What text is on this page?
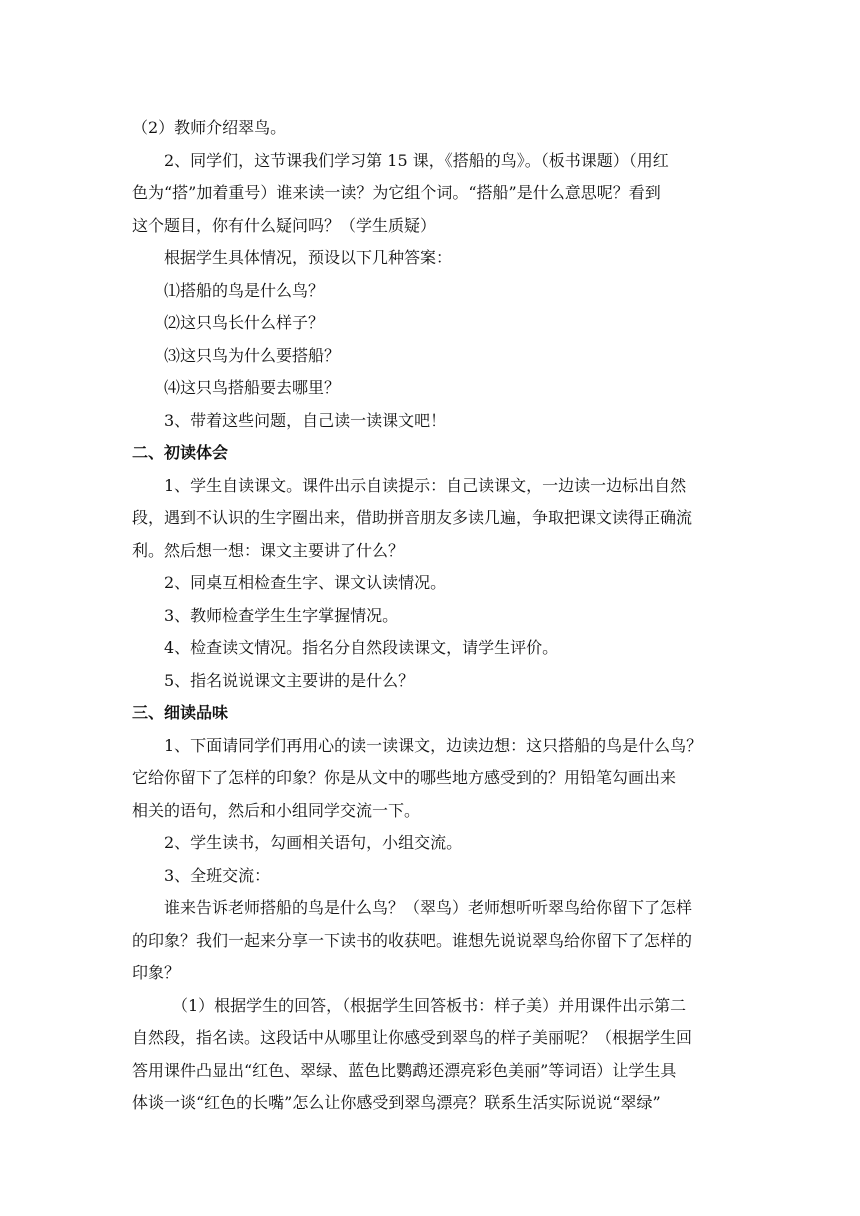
（2）教师介绍翠鸟。
2、同学们，这节课我们学习第 15 课，《搭船的鸟》。（板书课题）（用红
色为“搭”加着重号）谁来读一读？为它组个词。“搭船”是什么意思呢？看到
这个题目，你有什么疑问吗？（学生质疑）
根据学生具体情况，预设以下几种答案：
⑴搭船的鸟是什么鸟？
⑵这只鸟长什么样子？
⑶这只鸟为什么要搭船？
⑷这只鸟搭船要去哪里？
3、带着这些问题，自己读一读课文吧！
二、初读体会
1、学生自读课文。课件出示自读提示：自己读课文，一边读一边标出自然
段，遇到不认识的生字圈出来，借助拼音朋友多读几遍，争取把课文读得正确流
利。然后想一想：课文主要讲了什么？
2、同桌互相检查生字、课文认读情况。
3、教师检查学生生字掌握情况。
4、检查读文情况。指名分自然段读课文，请学生评价。
5、指名说说课文主要讲的是什么？
三、细读品味
1、下面请同学们再用心的读一读课文，边读边想：这只搭船的鸟是什么鸟？
它给你留下了怎样的印象？你是从文中的哪些地方感受到的？用铅笔勾画出来
相关的语句，然后和小组同学交流一下。
2、学生读书，勾画相关语句，小组交流。
3、全班交流：
谁来告诉老师搭船的鸟是什么鸟？（翠鸟）老师想听听翠鸟给你留下了怎样
的印象？我们一起来分享一下读书的收获吧。谁想先说说翠鸟给你留下了怎样的
印象？
（1）根据学生的回答，（根据学生回答板书：样子美）并用课件出示第二
自然段，指名读。这段话中从哪里让你感受到翠鸟的样子美丽呢？（根据学生回
答用课件凸显出“红色、翠绿、蓝色比鹦鹉还漂亮彩色美丽”等词语）让学生具
体谈一谈“红色的长嘴”怎么让你感受到翠鸟漂亮？联系生活实际说说“翠绿”
